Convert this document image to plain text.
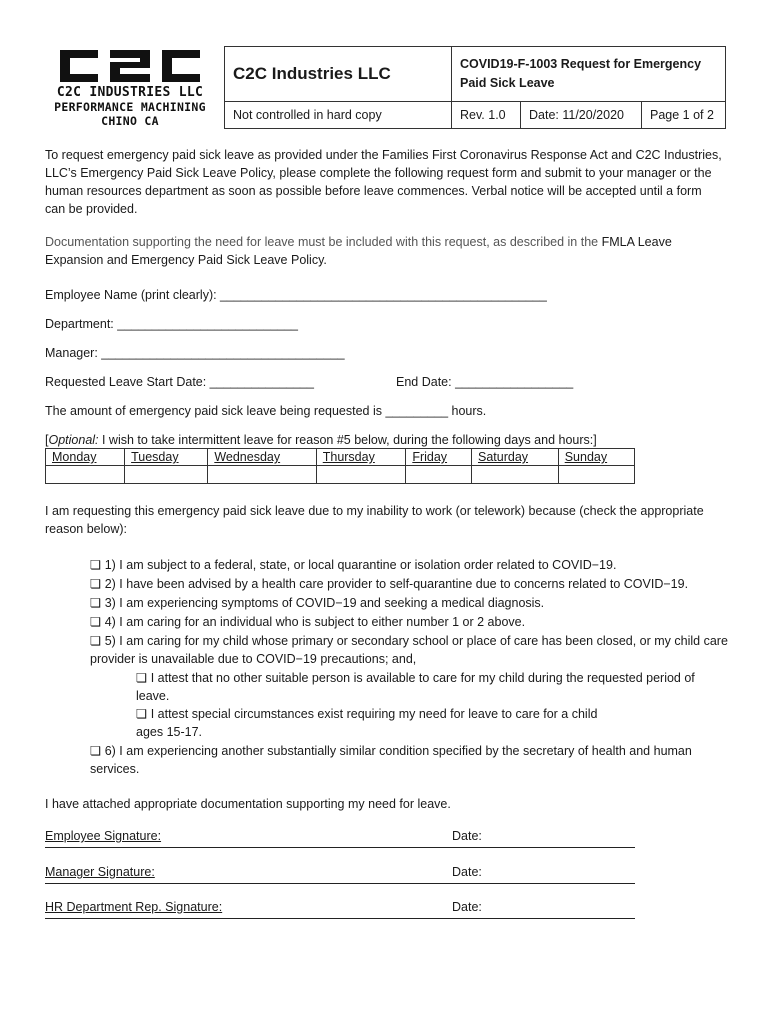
C2C INDUSTRIES LLC
PERFORMANCE MACHINING
CHINO CA
C2C Industries LLC	COVID19-F-1003 Request for Emergency
Paid Sick Leave		
Not controlled in hard copy	Rev. 1.0	Date: 11/20/2020	Page 1 of 2

To request emergency paid sick leave as provided under the Families First Coronavirus Response Act and C2C Industries, LLC’s Emergency Paid Sick Leave Policy, please complete the following request form and submit to your manager or the human resources department as soon as possible before leave commences. Verbal notice will be accepted until a form can be provided.

Documentation supporting the need for leave must be included with this request, as described in the FMLA Leave Expansion and Emergency Paid Sick Leave Policy.

Employee Name (print clearly): _______________________________________________

Department: __________________________

Manager: ___________________________________

Requested Leave Start Date: _______________	End Date: _________________

The amount of emergency paid sick leave being requested is _________ hours.

[Optional: I wish to take intermittent leave for reason #5 below, during the following days and hours:]

Monday	Tuesday	Wednesday	Thursday	Friday	Saturday	Sunday

I am requesting this emergency paid sick leave due to my inability to work (or telework) because (check the appropriate reason below):

❏ 1) I am subject to a federal, state, or local quarantine or isolation order related to COVID−19.
❏ 2) I have been advised by a health care provider to self-quarantine due to concerns related to COVID−19.
❏ 3) I am experiencing symptoms of COVID−19 and seeking a medical diagnosis.
❏ 4) I am caring for an individual who is subject to either number 1 or 2 above.
❏ 5) I am caring for my child whose primary or secondary school or place of care has been closed, or my child care provider is unavailable due to COVID−19 precautions; and,
❏ I attest that no other suitable person is available to care for my child during the requested period of leave.
❏ I attest special circumstances exist requiring my need for leave to care for a child ages 15-17.
❏ 6) I am experiencing another substantially similar condition specified by the secretary of health and human services.

I have attached appropriate documentation supporting my need for leave.

Employee Signature:	Date:
Manager Signature:	Date:
HR Department Rep. Signature:	Date:
